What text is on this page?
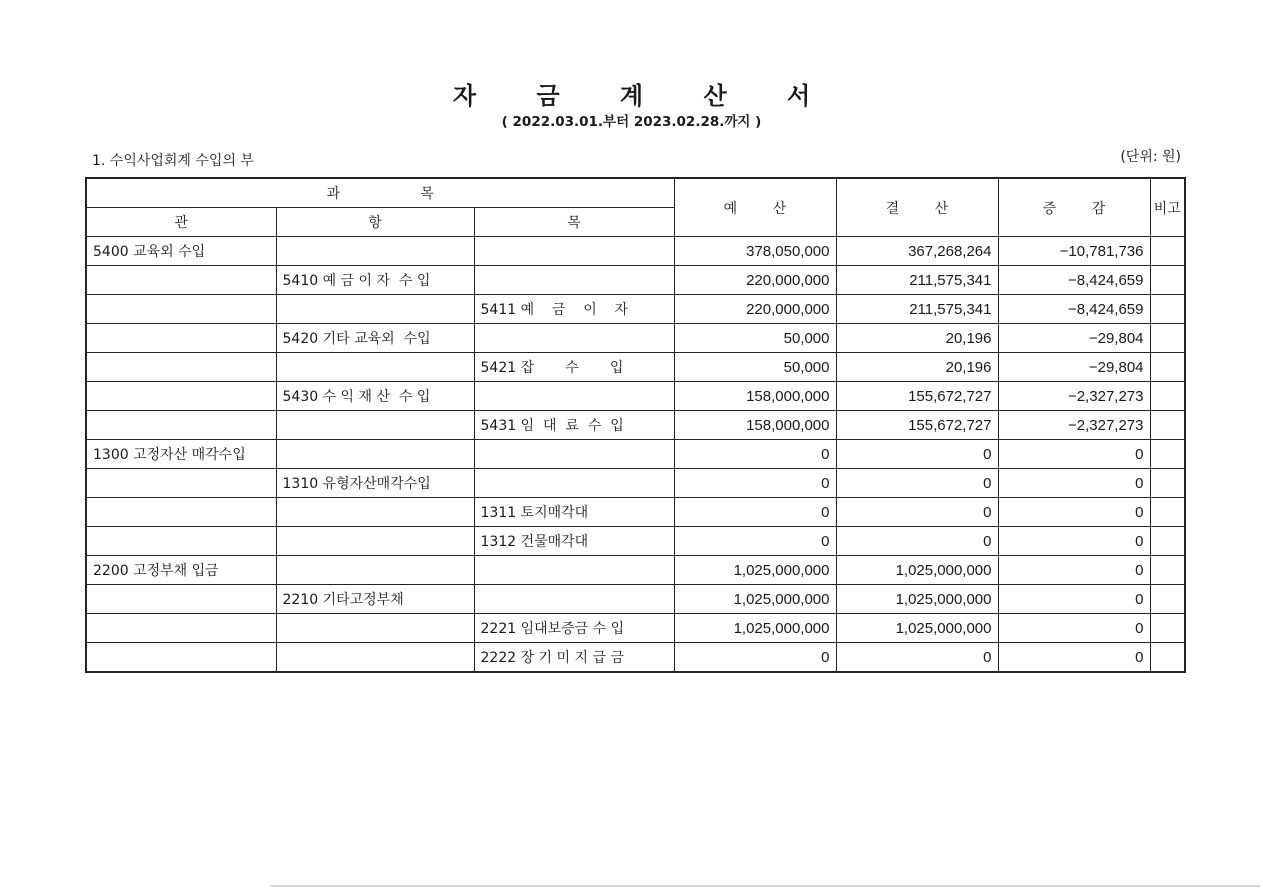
자 금 계 산 서
( 2022.03.01.부터 2023.02.28.까지 )
1. 수익사업회계 수입의 부	(단위: 원)
과                  목			예        산	결        산	증        감	비고
관	항	목				
5400 교육외 수입			378,050,000	367,268,264	−10,781,736	
	5410 예 금 이 자  수 입		220,000,000	211,575,341	−8,424,659	
		5411 예    금    이    자	220,000,000	211,575,341	−8,424,659	
	5420 기타 교육외  수입		50,000	20,196	−29,804	
		5421 잡       수       입	50,000	20,196	−29,804	
	5430 수 익 재 산  수 입		158,000,000	155,672,727	−2,327,273	
		5431 임  대  료  수  입	158,000,000	155,672,727	−2,327,273	
1300 고정자산 매각수입			0	0	0	
	1310 유형자산매각수입		0	0	0	
		1311 토지매각대	0	0	0	
		1312 건물매각대	0	0	0	
2200 고정부채 입금			1,025,000,000	1,025,000,000	0	
	2210 기타고정부채		1,025,000,000	1,025,000,000	0	
		2221 임대보증금 수 입	1,025,000,000	1,025,000,000	0	
		2222 장 기 미 지 급 금	0	0	0	
